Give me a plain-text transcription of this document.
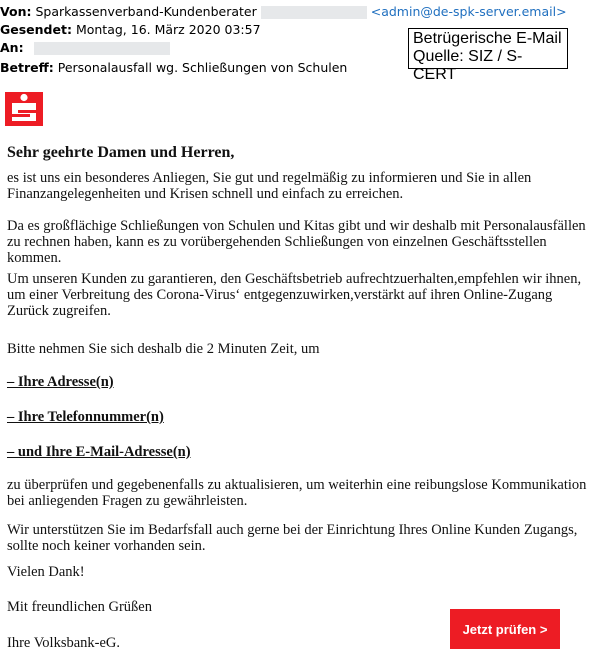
Von: Sparkassenverband-Kundenberater	<admin@de-spk-server.email>
Gesendet: Montag, 16. März 2020 03:57
An:
Betreff: Personalausfall wg. Schließungen von Schulen
Betrügerische E-Mail
Quelle: SIZ / S-CERT
Sehr geehrte Damen und Herren,
es ist uns ein besonderes Anliegen, Sie gut und regelmäßig zu informieren und Sie in allen
Finanzangelegenheiten und Krisen schnell und einfach zu erreichen.
Da es großflächige Schließungen von Schulen und Kitas gibt und wir deshalb mit Personalausfällen
zu rechnen haben, kann es zu vorübergehenden Schließungen von einzelnen Geschäftsstellen
kommen.
Um unseren Kunden zu garantieren, den Geschäftsbetrieb aufrechtzuerhalten,empfehlen wir ihnen,
um einer Verbreitung des Corona-Virus‘ entgegenzuwirken,verstärkt auf ihren Online-Zugang
Zurück zugreifen.
Bitte nehmen Sie sich deshalb die 2 Minuten Zeit, um
– Ihre Adresse(n)
– Ihre Telefonnummer(n)
– und Ihre E-Mail-Adresse(n)
zu überprüfen und gegebenenfalls zu aktualisieren, um weiterhin eine reibungslose Kommunikation
bei anliegenden Fragen zu gewährleisten.
Wir unterstützen Sie im Bedarfsfall auch gerne bei der Einrichtung Ihres Online Kunden Zugangs,
sollte noch keiner vorhanden sein.
Vielen Dank!
Mit freundlichen Grüßen
Ihre Volksbank-eG.
Jetzt prüfen >
